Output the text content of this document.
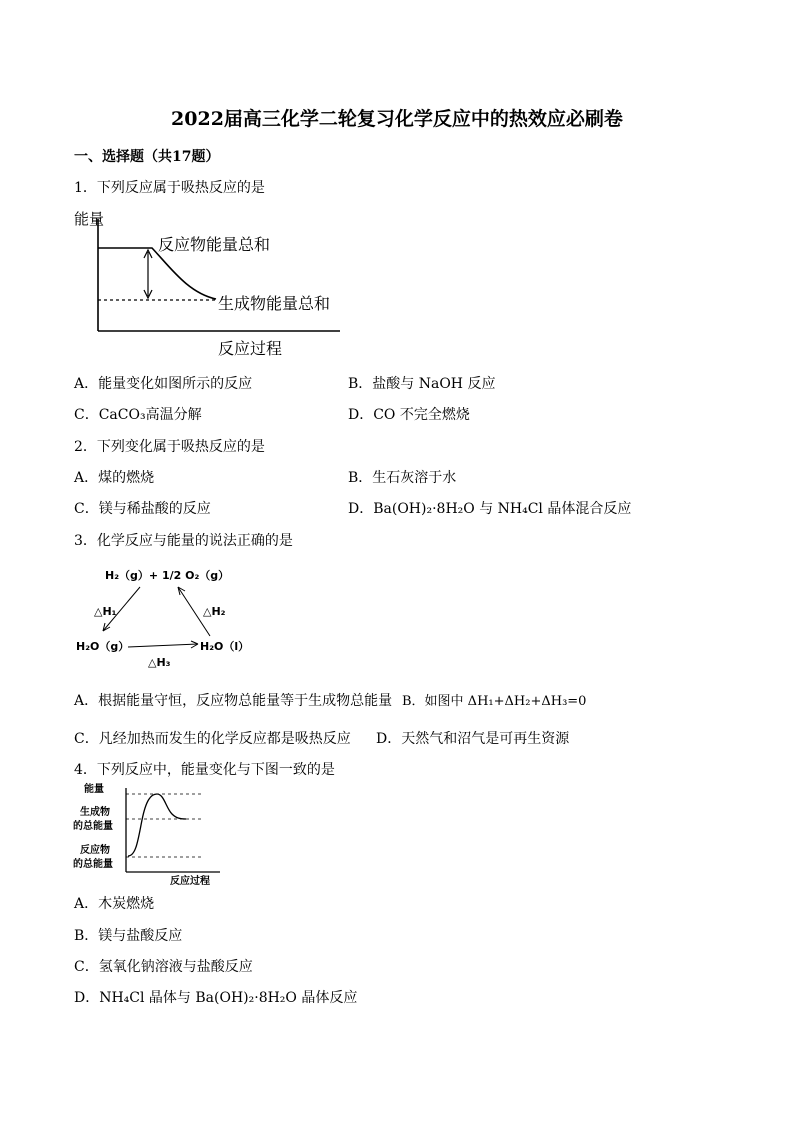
2022届高三化学二轮复习化学反应中的热效应必刷卷
一、选择题（共17题）
1．下列反应属于吸热反应的是
能量
反应物能量总和
生成物能量总和
反应过程
A．能量变化如图所示的反应	B．盐酸与 NaOH 反应
C．CaCO₃高温分解	D．CO 不完全燃烧
2．下列变化属于吸热反应的是
A．煤的燃烧	B．生石灰溶于水
C．镁与稀盐酸的反应	D．Ba(OH)₂·8H₂O 与 NH₄Cl 晶体混合反应
3．化学反应与能量的说法正确的是
H₂（g）+ 1/2 O₂（g）
H₂O（g）	H₂O（l）
△H₁	△H₂
△H₃
A．根据能量守恒，反应物总能量等于生成物总能量 B．如图中 ΔH₁+ΔH₂+ΔH₃=0
C．凡经加热而发生的化学反应都是吸热反应 D．天然气和沼气是可再生资源
4．下列反应中，能量变化与下图一致的是
能量
生成物
的总能量
反应物
的总能量
反应过程
A．木炭燃烧
B．镁与盐酸反应
C．氢氧化钠溶液与盐酸反应
D．NH₄Cl 晶体与 Ba(OH)₂·8H₂O 晶体反应
